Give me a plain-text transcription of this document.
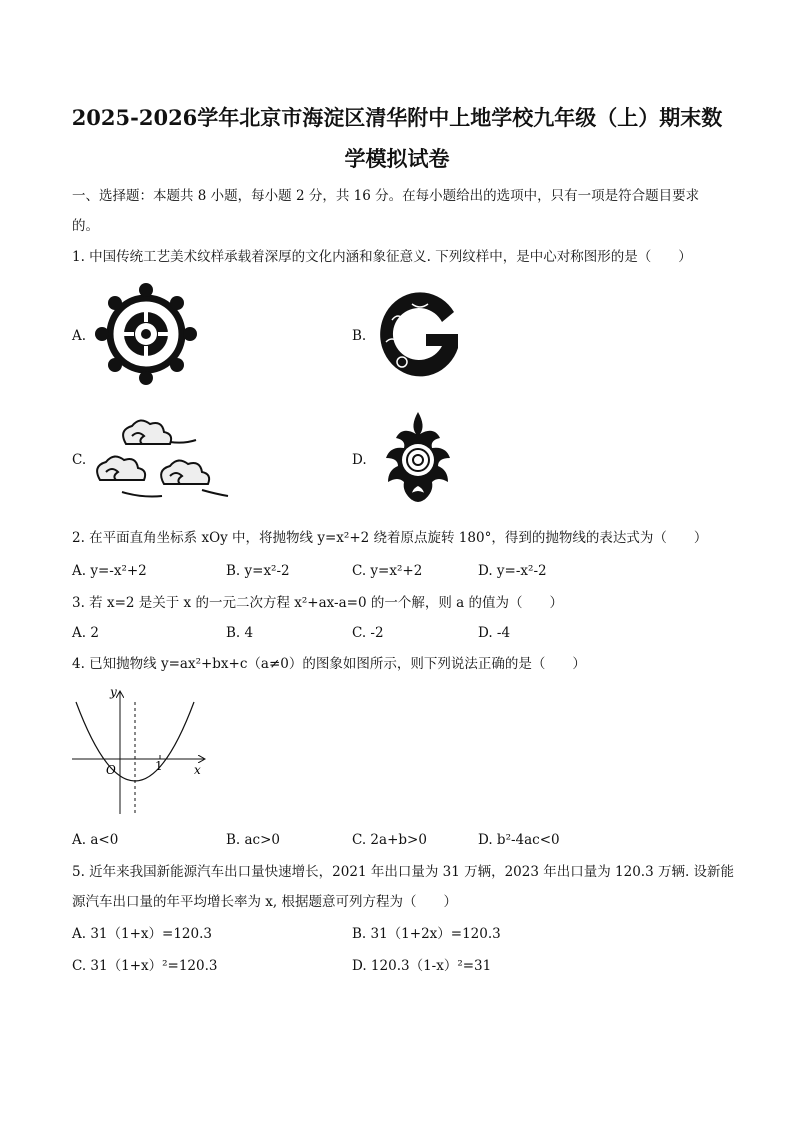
2025-2026学年北京市海淀区清华附中上地学校九年级（上）期末数
学模拟试卷
一、选择题：本题共 8 小题，每小题 2 分，共 16 分。在每小题给出的选项中，只有一项是符合题目要求
的。
1. 中国传统工艺美术纹样承载着深厚的文化内涵和象征意义. 下列纹样中，是中心对称图形的是（　　）
A.	B.
C.	D.
2. 在平面直角坐标系 xOy 中，将抛物线 y=x²+2 绕着原点旋转 180°，得到的抛物线的表达式为（　　）
A. y=-x²+2	B. y=x²-2	C. y=x²+2	D. y=-x²-2
3. 若 x=2 是关于 x 的一元二次方程 x²+ax-a=0 的一个解，则 a 的值为（　　）
A. 2	B. 4	C. -2	D. -4
4. 已知抛物线 y=ax²+bx+c（a≠0）的图象如图所示，则下列说法正确的是（　　）
y
x
O	1
A. a<0	B. ac>0	C. 2a+b>0	D. b²-4ac<0
5. 近年来我国新能源汽车出口量快速增长，2021 年出口量为 31 万辆，2023 年出口量为 120.3 万辆. 设新能
源汽车出口量的年平均增长率为 x, 根据题意可列方程为（　　）
A. 31（1+x）=120.3	B. 31（1+2x）=120.3
C. 31（1+x）²=120.3	D. 120.3（1-x）²=31
